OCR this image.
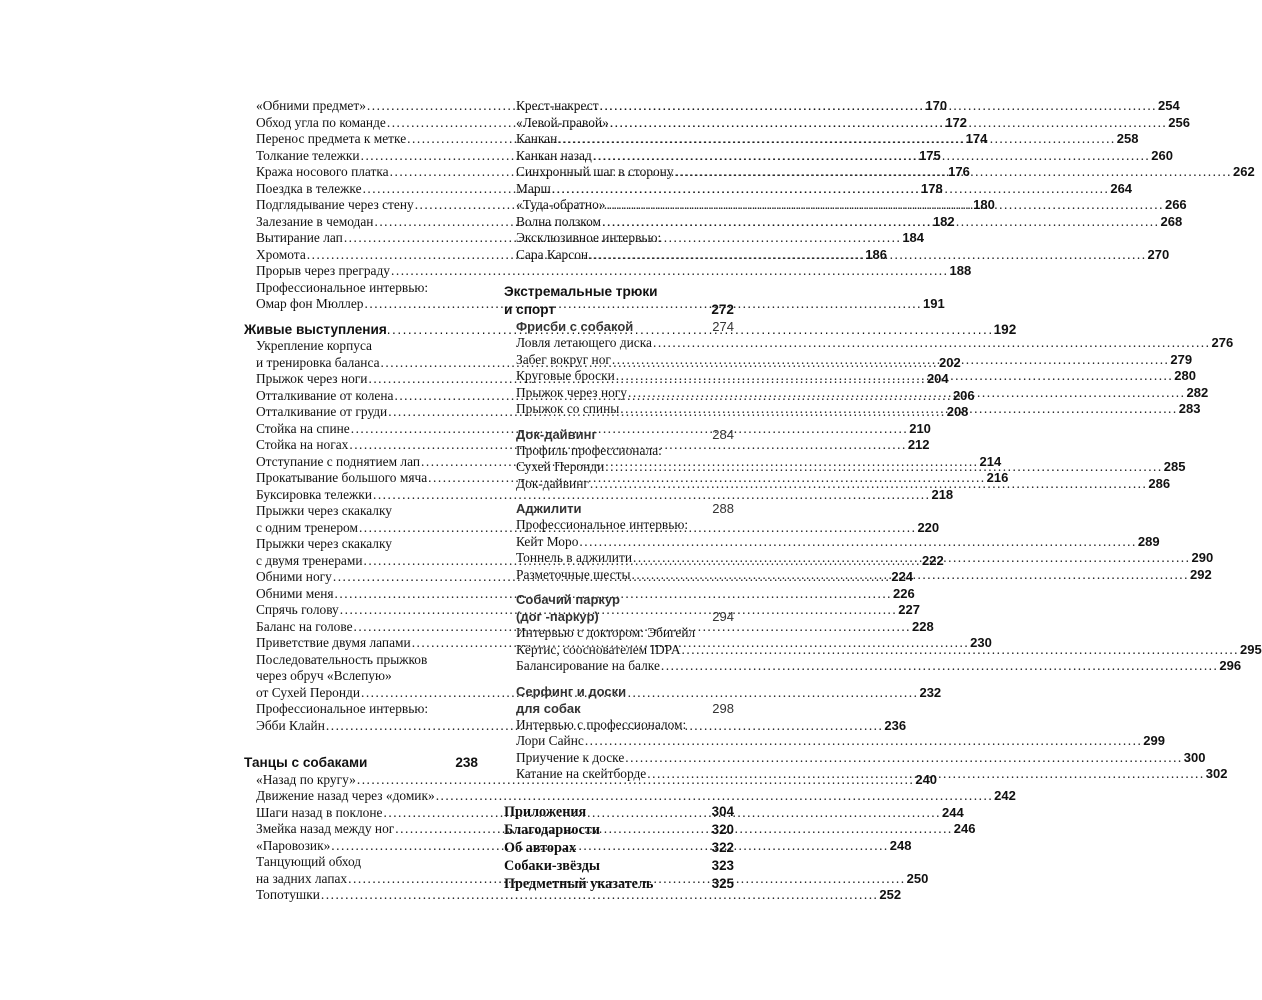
«Обними предмет» .....	170
Обход угла по команде .....	172
Перенос предмета к метке .....	174
Толкание тележки .....	175
Кража носового платка .....	176
Поездка в тележке .....	178
Подглядывание через стену .....	180
Залезание в чемодан .....	182
Вытирание лап .....	184
Хромота .....	186
Прорыв через преграду .....	188
Профессиональное интервью:
Омар фон Мюллер .....	191
Живые выступления .....	192
Укрепление корпуса
и тренировка баланса .....	202
Прыжок через ноги .....	204
Отталкивание от колена .....	206
Отталкивание от груди .....	208
Стойка на спине .....	210
Стойка на ногах .....	212
Отступание с поднятием лап .....	214
Прокатывание большого мяча .....	216
Буксировка тележки .....	218
Прыжки через скакалку
с одним тренером .....	220
Прыжки через скакалку
с двумя тренерами .....	222
Обними ногу .....	224
Обними меня .....	226
Спрячь голову .....	227
Баланс на голове .....	228
Приветствие двумя лапами .....	230
Последовательность прыжков
через обруч «Вслепую»
от Сухей Перонди .....	232
Профессиональное интервью:
Эбби Клайн .....	236
Танцы с собаками	238
«Назад по кругу» .....	240
Движение назад через «домик» .....	242
Шаги назад в поклоне .....	244
Змейка назад между ног .....	246
«Паровозик» .....	248
Танцующий обход
на задних лапах .....	250
Топотушки .....	252
Крест-накрест .....	254
«Левой-правой» .....	256
Канкан .....	258
Канкан назад .....	260
Синхронный шаг в сторону .....	262
Марш .....	264
«Туда-обратно» .....	266
Волна ползком .....	268
Эксклюзивное интервью:
Сара Карсон .....	270
Экстремальные трюки
и спорт	272
Фрисби с собакой	274
Ловля летающего диска .....	276
Забег вокруг ног .....	279
Круговые броски .....	280
Прыжок через ногу .....	282
Прыжок со спины .....	283
Док-дайвинг	284
Профиль профессионала:
Сухей Перонди .....	285
Док-дайвинг .....	286
Аджилити	288
Профессиональное интервью:
Кейт Моро .....	289
Тоннель в аджилити .....	290
Разметочные шесты .....	292
Собачий паркур
(дог -паркур)	294
Интервью с доктором: Эбигейл
Кёртис, сооснователем IDPA .....	295
Балансирование на балке .....	296
Серфинг и доски
для собак	298
Интервью с профессионалом:
Лори Сайнс .....	299
Приучение к доске .....	300
Катание на скейтборде .....	302
Приложения	304
Благодарности	320
Об авторах	322
Собаки-звёзды	323
Предметный указатель	325
